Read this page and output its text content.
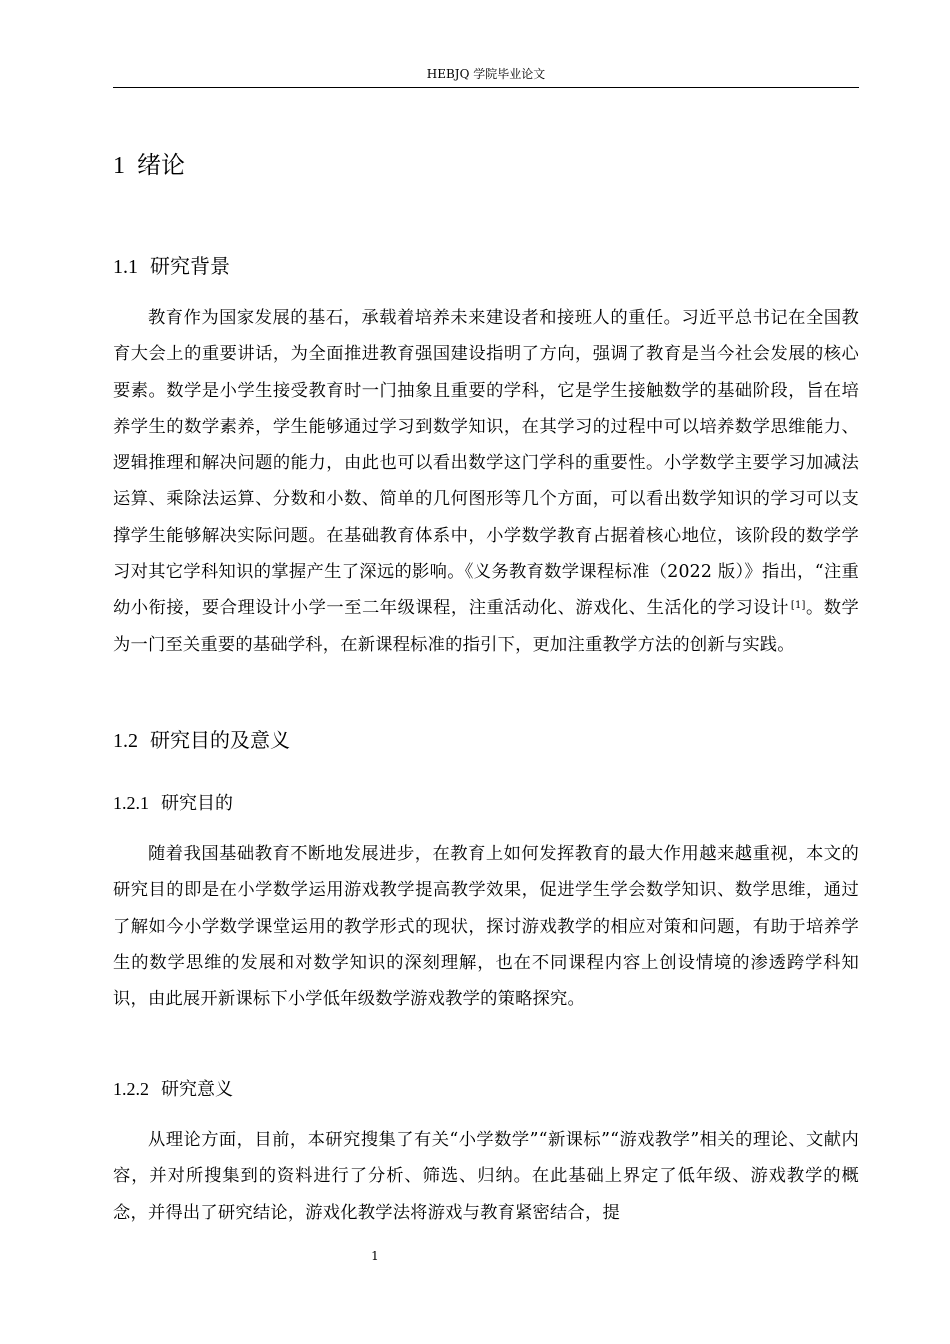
HEBJQ 学院毕业论文
1 绪论
1.1 研究背景

教育作为国家发展的基石，承载着培养未来建设者和接班人的重任。习近平总书记在全国教育大会上的重要讲话，为全面推进教育强国建设指明了方向，强调了教育是当今社会发展的核心要素。数学是小学生接受教育时一门抽象且重要的学科，它是学生接触数学的基础阶段，旨在培养学生的数学素养，学生能够通过学习到数学知识，在其学习的过程中可以培养数学思维能力、逻辑推理和解决问题的能力，由此也可以看出数学这门学科的重要性。小学数学主要学习加减法运算、乘除法运算、分数和小数、简单的几何图形等几个方面，可以看出数学知识的学习可以支撑学生能够解决实际问题。在基础教育体系中，小学数学教育占据着核心地位，该阶段的数学学习对其它学科知识的掌握产生了深远的影响。《义务教育数学课程标准（2022 版）》指出，“注重幼小衔接，要合理设计小学一至二年级课程，注重活动化、游戏化、生活化的学习设计 [1]。数学为一门至关重要的基础学科，在新课程标准的指引下，更加注重教学方法的创新与实践。

1.2 研究目的及意义
1.2.1 研究目的

随着我国基础教育不断地发展进步，在教育上如何发挥教育的最大作用越来越重视，本文的研究目的即是在小学数学运用游戏教学提高教学效果，促进学生学会数学知识、数学思维，通过了解如今小学数学课堂运用的教学形式的现状，探讨游戏教学的相应对策和问题，有助于培养学生的数学思维的发展和对数学知识的深刻理解，也在不同课程内容上创设情境的渗透跨学科知识，由此展开新课标下小学低年级数学游戏教学的策略探究。

1.2.2 研究意义

从理论方面，目前，本研究搜集了有关“小学数学”“新课标”“游戏教学”相关的理论、文献内容，并对所搜集到的资料进行了分析、筛选、归纳。在此基础上界定了低年级、游戏教学的概念，并得出了研究结论，游戏化教学法将游戏与教育紧密结合，提

1
